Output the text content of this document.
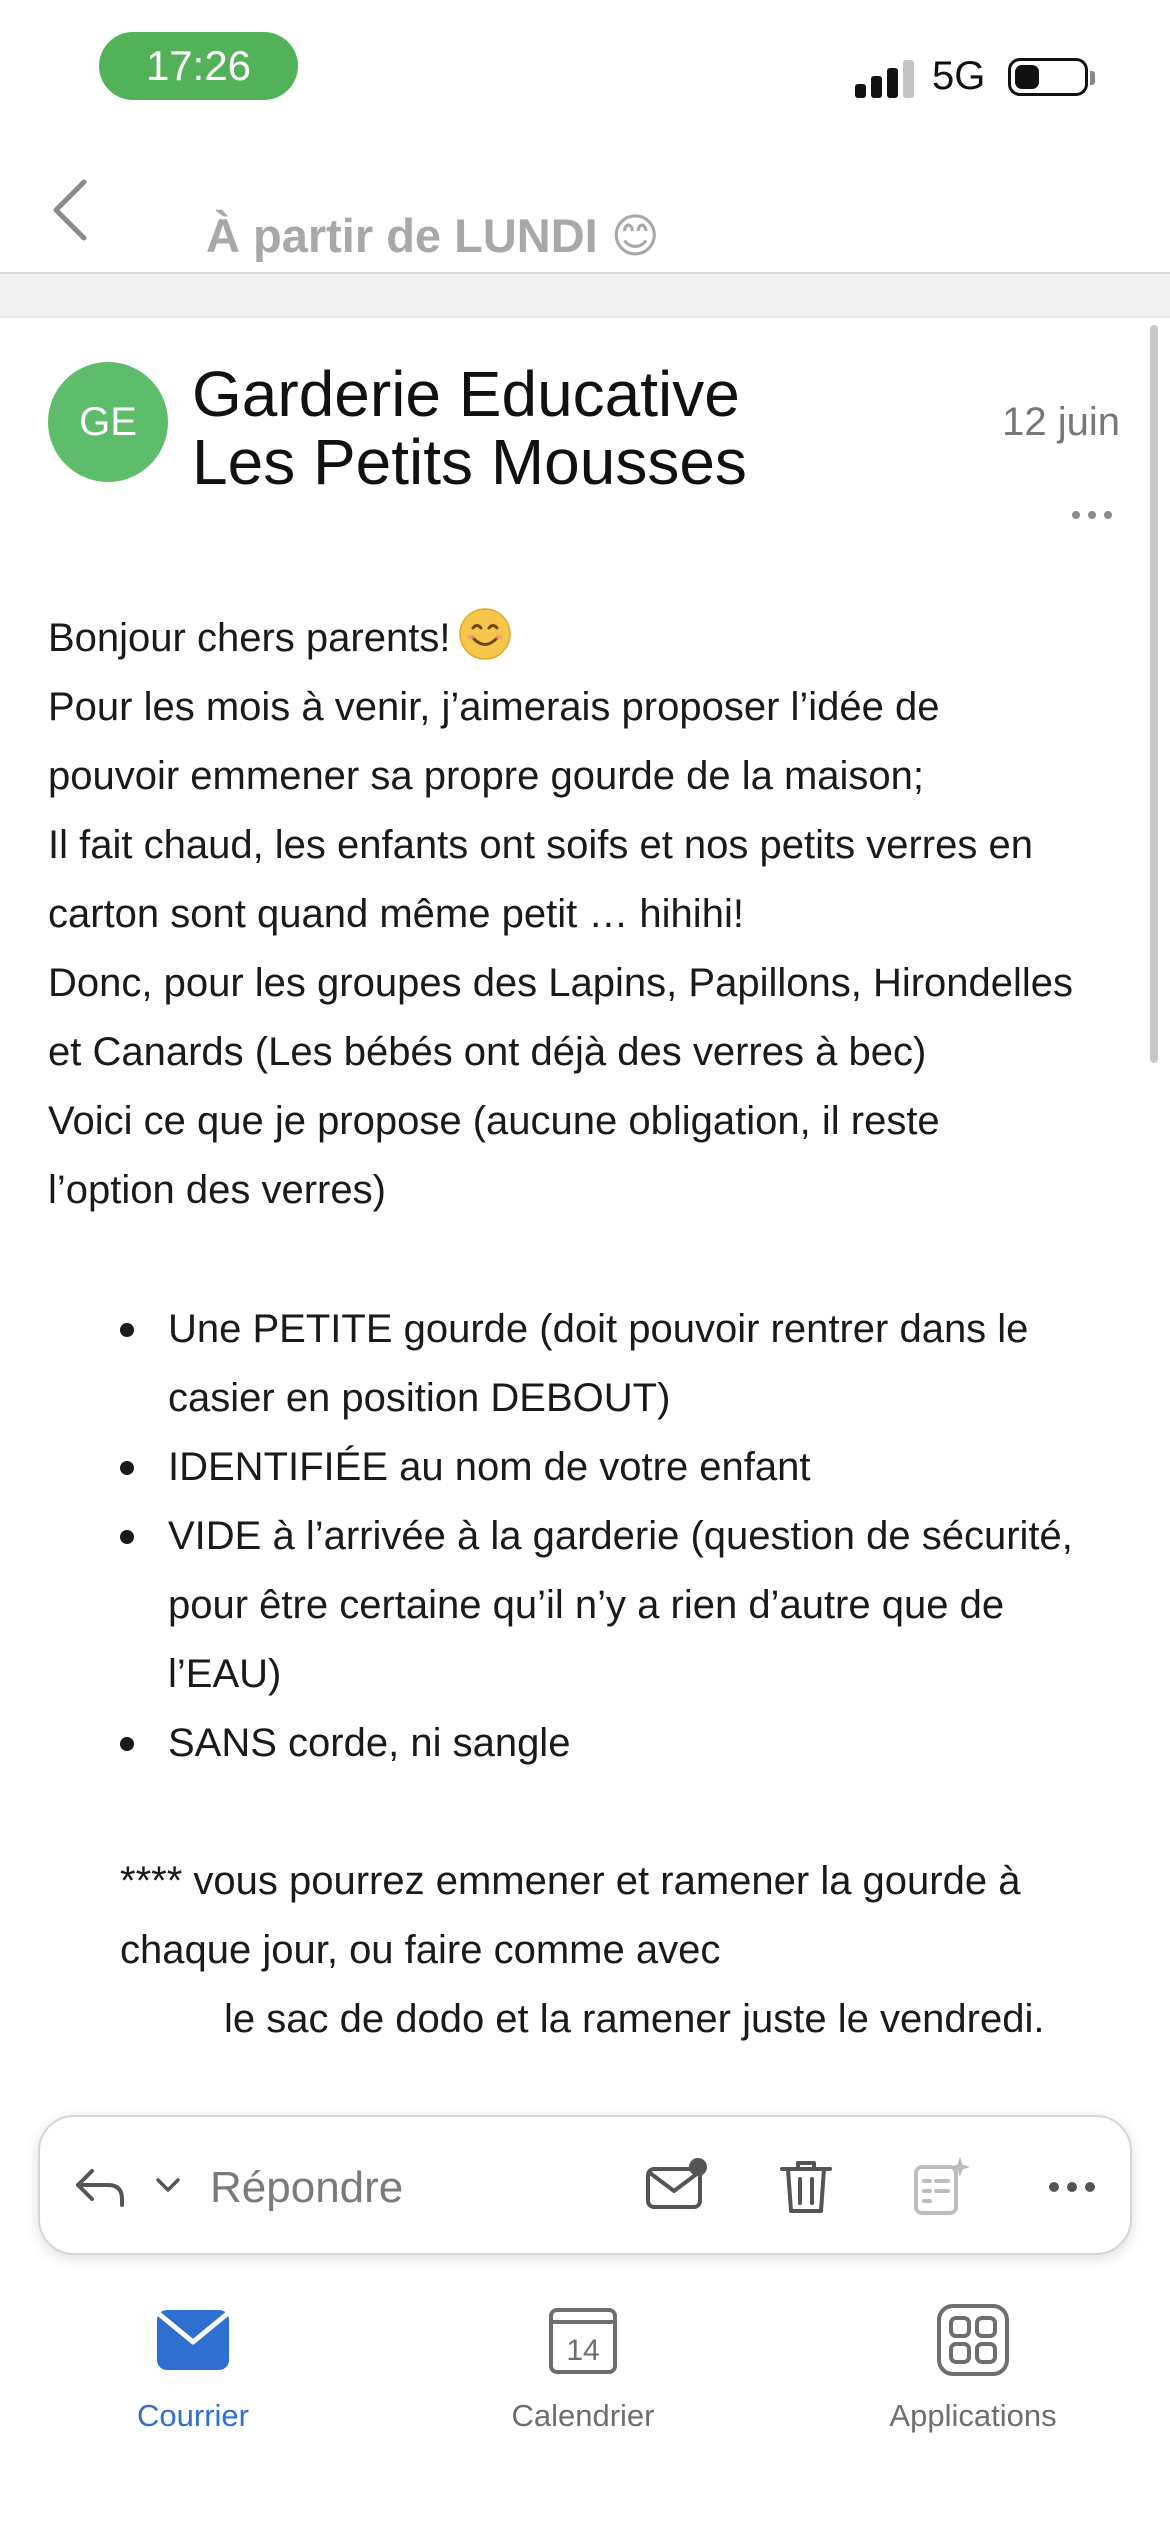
17:26	5G
À partir de LUNDI 😊
GE Garderie Educative
Les Petits Mousses
12 juin

Bonjour chers parents!

Pour les mois à venir, j’aimerais proposer l’idée de

pouvoir emmener sa propre gourde de la maison;

Il fait chaud, les enfants ont soifs et nos petits verres en

carton sont quand même petit … hihihi!

Donc, pour les groupes des Lapins, Papillons, Hirondelles

et Canards (Les bébés ont déjà des verres à bec)

Voici ce que je propose (aucune obligation, il reste

l’option des verres)

Une PETITE gourde (doit pouvoir rentrer dans le
casier en position DEBOUT)
IDENTIFIÉE au nom de votre enfant
VIDE à l’arrivée à la garderie (question de sécurité,
pour être certaine qu’il n’y a rien d’autre que de
l’EAU)
SANS corde, ni sangle
**** vous pourrez emmener et ramener la gourde à
chaque jour, ou faire comme avec
le sac de dodo et la ramener juste le vendredi.
Répondre
Courrier
14
Calendrier	Applications
